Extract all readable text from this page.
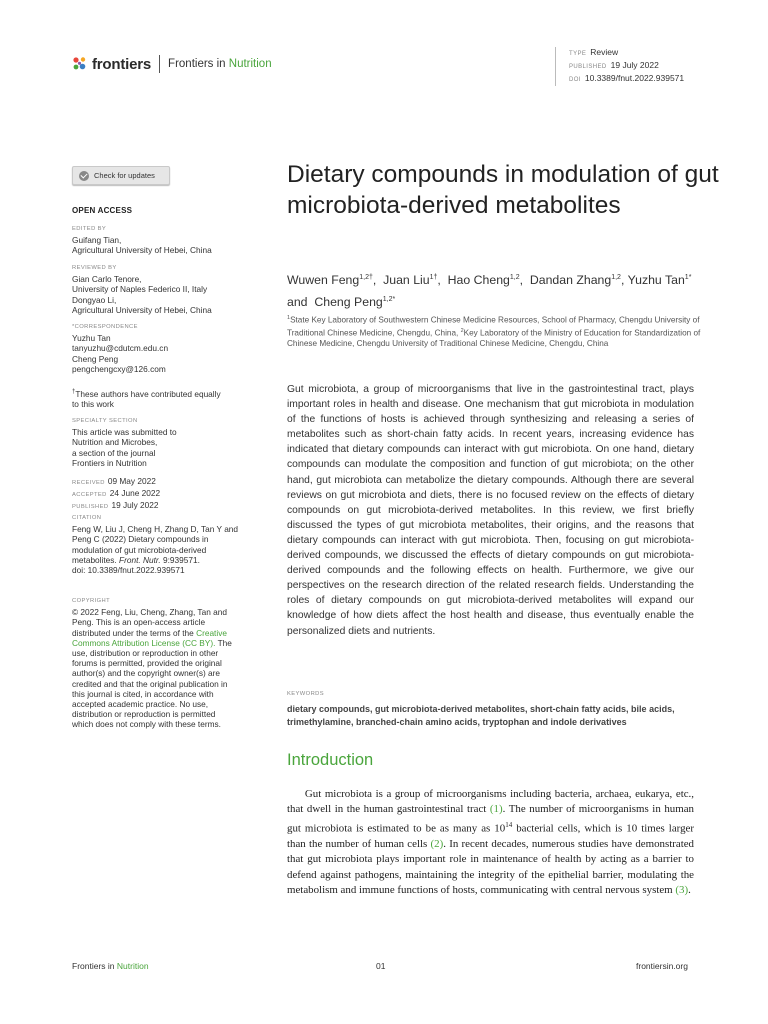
frontiers Frontiers in Nutrition
TYPE Review
PUBLISHED 19 July 2022
DOI 10.3389/fnut.2022.939571
Check for updates
OPEN ACCESS
EDITED BY
Guifang Tian,
Agricultural University of Hebei, China
REVIEWED BY
Gian Carlo Tenore,
University of Naples Federico II, Italy
Dongyao Li,
Agricultural University of Hebei, China
*CORRESPONDENCE
Yuzhu Tan
tanyuzhu@cdutcm.edu.cn
Cheng Peng
pengchengcxy@126.com
†These authors have contributed equally to this work
SPECIALTY SECTION
This article was submitted to
Nutrition and Microbes,
a section of the journal
Frontiers in Nutrition
RECEIVED 09 May 2022
ACCEPTED 24 June 2022
PUBLISHED 19 July 2022
CITATION
Feng W, Liu J, Cheng H, Zhang D, Tan Y and Peng C (2022) Dietary compounds in modulation of gut microbiota-derived metabolites. Front. Nutr. 9:939571.
doi: 10.3389/fnut.2022.939571
COPYRIGHT
© 2022 Feng, Liu, Cheng, Zhang, Tan and Peng. This is an open-access article distributed under the terms of the Creative Commons Attribution License (CC BY). The use, distribution or reproduction in other forums is permitted, provided the original author(s) and the copyright owner(s) are credited and that the original publication in this journal is cited, in accordance with accepted academic practice. No use, distribution or reproduction is permitted which does not comply with these terms.
Dietary compounds in modulation of gut microbiota-derived metabolites
Wuwen Feng$^{1,2\dagger}$,  Juan Liu$^{1\dagger}$,  Hao Cheng$^{1,2}$,  Dandan Zhang$^{1,2}$, Yuzhu Tan$^{1*}$ and Cheng Peng$^{1,2*}$
$^1$State Key Laboratory of Southwestern Chinese Medicine Resources, School of Pharmacy, Chengdu University of Traditional Chinese Medicine, Chengdu, China, $^2$Key Laboratory of the Ministry of Education for Standardization of Chinese Medicine, Chengdu University of Traditional Chinese Medicine, Chengdu, China
Gut microbiota, a group of microorganisms that live in the gastrointestinal tract, plays important roles in health and disease. One mechanism that gut microbiota in modulation of the functions of hosts is achieved through synthesizing and releasing a series of metabolites such as short-chain fatty acids. In recent years, increasing evidence has indicated that dietary compounds can interact with gut microbiota. On one hand, dietary compounds can modulate the composition and function of gut microbiota; on the other hand, gut microbiota can metabolize the dietary compounds. Although there are several reviews on gut microbiota and diets, there is no focused review on the effects of dietary compounds on gut microbiota-derived metabolites. In this review, we first briefly discussed the types of gut microbiota metabolites, their origins, and the reasons that dietary compounds can interact with gut microbiota. Then, focusing on gut microbiota-derived compounds, we discussed the effects of dietary compounds on gut microbiota-derived compounds and the following effects on health. Furthermore, we give our perspectives on the research direction of the related research fields. Understanding the roles of dietary compounds on gut microbiota-derived metabolites will expand our knowledge of how diets affect the host health and disease, thus eventually enable the personalized diets and nutrients.
KEYWORDS
dietary compounds, gut microbiota-derived metabolites, short-chain fatty acids, bile acids, trimethylamine, branched-chain amino acids, tryptophan and indole derivatives
Introduction
Gut microbiota is a group of microorganisms including bacteria, archaea, eukarya, etc., that dwell in the human gastrointestinal tract (1). The number of microorganisms in human gut microbiota is estimated to be as many as $10^{14}$ bacterial cells, which is 10 times larger than the number of human cells (2). In recent decades, numerous studies have demonstrated that gut microbiota plays important role in maintenance of health by acting as a barrier to defend against pathogens, maintaining the integrity of the epithelial barrier, modulating the metabolism and immune functions of hosts, communicating with central nervous system (3).
Frontiers in Nutrition	01	frontiersin.org
